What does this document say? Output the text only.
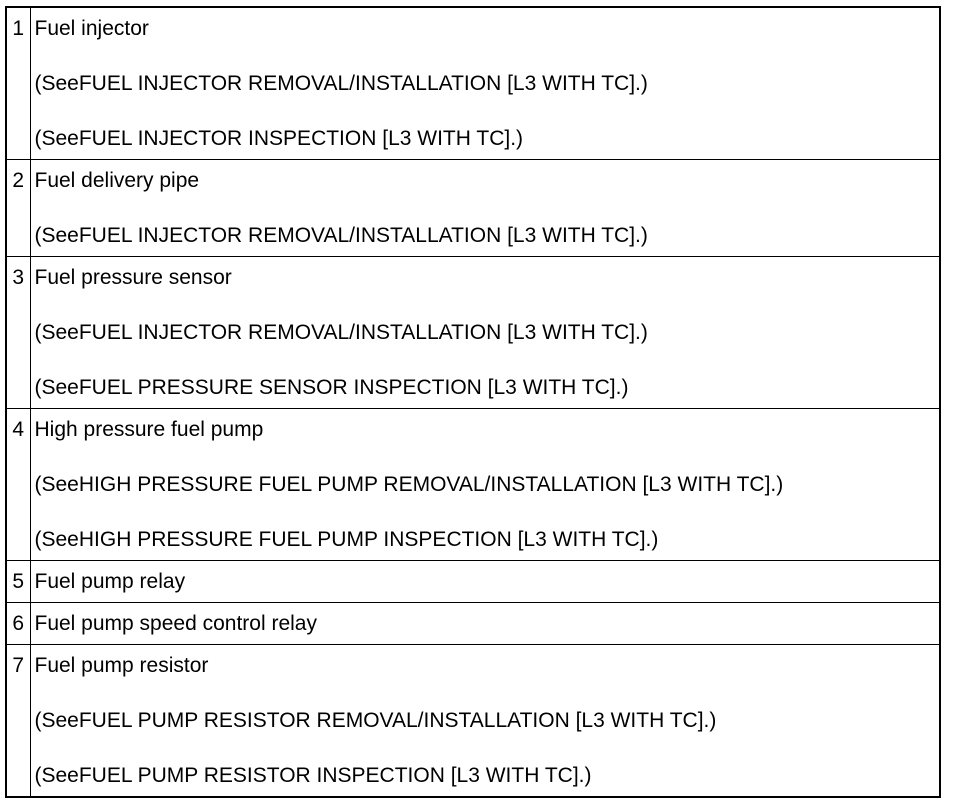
1	Fuel injector
(SeeFUEL INJECTOR REMOVAL/INSTALLATION [L3 WITH TC].)
(SeeFUEL INJECTOR INSPECTION [L3 WITH TC].)

2	Fuel delivery pipe
(SeeFUEL INJECTOR REMOVAL/INSTALLATION [L3 WITH TC].)

3	Fuel pressure sensor
(SeeFUEL INJECTOR REMOVAL/INSTALLATION [L3 WITH TC].)
(SeeFUEL PRESSURE SENSOR INSPECTION [L3 WITH TC].)

4	High pressure fuel pump
(SeeHIGH PRESSURE FUEL PUMP REMOVAL/INSTALLATION [L3 WITH TC].)
(SeeHIGH PRESSURE FUEL PUMP INSPECTION [L3 WITH TC].)

5	Fuel pump relay

6	Fuel pump speed control relay

7	Fuel pump resistor
(SeeFUEL PUMP RESISTOR REMOVAL/INSTALLATION [L3 WITH TC].)
(SeeFUEL PUMP RESISTOR INSPECTION [L3 WITH TC].)
